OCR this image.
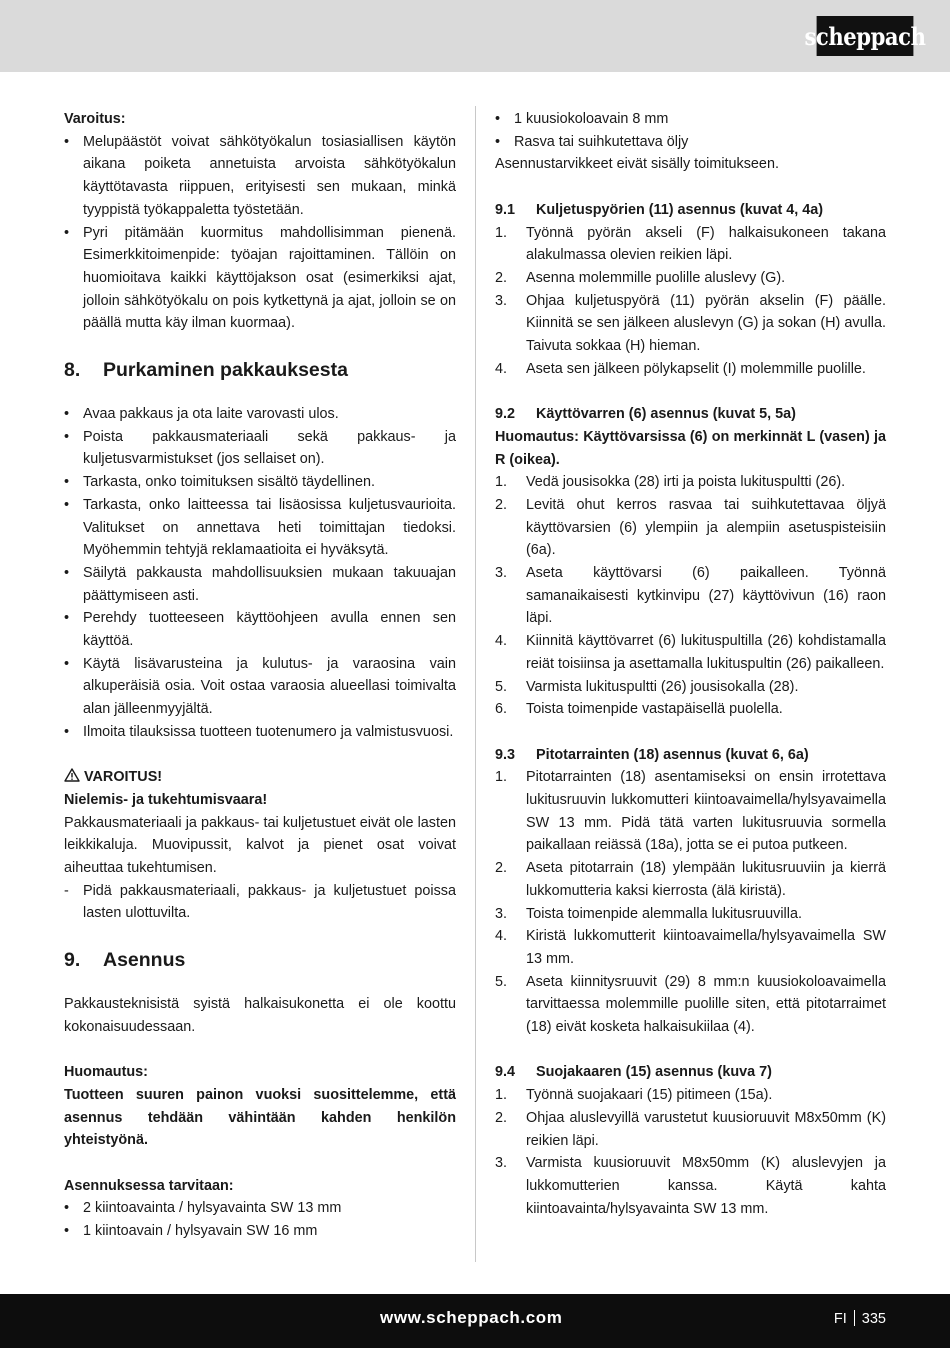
scheppach

Varoitus:

• Melupäästöt voivat sähkötyökalun tosiasiallisen käytön aikana poiketa annetuista arvoista sähkötyökalun käyttötavasta riippuen, erityisesti sen mukaan, minkä tyyppistä työkappaletta työstetään.
• Pyri pitämään kuormitus mahdollisimman pienenä. Esimerkkitoimenpide: työajan rajoittaminen. Tällöin on huomioitava kaikki käyttöjakson osat (esimerkiksi ajat, jolloin sähkötyökalu on pois kytkettynä ja ajat, jolloin se on päällä mutta käy ilman kuormaa).
8. Purkaminen pakkauksesta
• Avaa pakkaus ja ota laite varovasti ulos.
• Poista pakkausmateriaali sekä pakkaus- ja kuljetusvarmistukset (jos sellaiset on).
• Tarkasta, onko toimituksen sisältö täydellinen.
• Tarkasta, onko laitteessa tai lisäosissa kuljetusvaurioita. Valitukset on annettava heti toimittajan tiedoksi. Myöhemmin tehtyjä reklamaatioita ei hyväksytä.
• Säilytä pakkausta mahdollisuuksien mukaan takuuajan päättymiseen asti.
• Perehdy tuotteeseen käyttöohjeen avulla ennen sen käyttöä.
• Käytä lisävarusteina ja kulutus- ja varaosina vain alkuperäisiä osia. Voit ostaa varaosia alueellasi toimivalta alan jälleenmyyjältä.
• Ilmoita tilauksissa tuotteen tuotenumero ja valmistusvuosi.

VAROITUS!

Nielemis- ja tukehtumisvaara!

Pakkausmateriaali ja pakkaus- tai kuljetustuet eivät ole lasten leikkikaluja. Muovipussit, kalvot ja pienet osat voivat aiheuttaa tukehtumisen.

- Pidä pakkausmateriaali, pakkaus- ja kuljetustuet poissa lasten ulottuvilta.
9. Asennus

Pakkausteknisistä syistä halkaisukonetta ei ole koottu kokonaisuudessaan.

Huomautus:

Tuotteen suuren painon vuoksi suosittelemme, että asennus tehdään vähintään kahden henkilön yhteistyönä.

Asennuksessa tarvitaan:

• 2 kiintoavainta / hylsyavainta SW 13 mm
• 1 kiintoavain / hylsyavain SW 16 mm
• 1 kuusiokoloavain 8 mm
• Rasva tai suihkutettava öljy

Asennustarvikkeet eivät sisälly toimitukseen.

9.1 Kuljetuspyörien (11) asennus (kuvat 4, 4a)

1. Työnnä pyörän akseli (F) halkaisukoneen takana alakulmassa olevien reikien läpi.
2. Asenna molemmille puolille aluslevy (G).
3. Ohjaa kuljetuspyörä (11) pyörän akselin (F) päälle. Kiinnitä se sen jälkeen aluslevyn (G) ja sokan (H) avulla. Taivuta sokkaa (H) hieman.
4. Aseta sen jälkeen pölykapselit (I) molemmille puolille.

9.2 Käyttövarren (6) asennus (kuvat 5, 5a)

Huomautus: Käyttövarsissa (6) on merkinnät L (vasen) ja R (oikea).

1. Vedä jousisokka (28) irti ja poista lukituspultti (26).
2. Levitä ohut kerros rasvaa tai suihkutettavaa öljyä käyttövarsien (6) ylempiin ja alempiin asetuspisteisiin (6a).
3. Aseta käyttövarsi (6) paikalleen. Työnnä samanaikaisesti kytkinvipu (27) käyttövivun (16) raon läpi.
4. Kiinnitä käyttövarret (6) lukituspultilla (26) kohdistamalla reiät toisiinsa ja asettamalla lukituspultin (26) paikalleen.
5. Varmista lukituspultti (26) jousisokalla (28).
6. Toista toimenpide vastapäisellä puolella.

9.3 Pitotarrainten (18) asennus (kuvat 6, 6a)

1. Pitotarrainten (18) asentamiseksi on ensin irrotettava lukitusruuvin lukkomutteri kiintoavaimella/hylsyavaimella SW 13 mm. Pidä tätä varten lukitusruuvia sormella paikallaan reiässä (18a), jotta se ei putoa putkeen.
2. Aseta pitotarrain (18) ylempään lukitusruuviin ja kierrä lukkomutteria kaksi kierrosta (älä kiristä).
3. Toista toimenpide alemmalla lukitusruuvilla.
4. Kiristä lukkomutterit kiintoavaimella/hylsyavaimella SW 13 mm.
5. Aseta kiinnitysruuvit (29) 8 mm:n kuusiokoloavaimella tarvittaessa molemmille puolille siten, että pitotarraimet (18) eivät kosketa halkaisukiilaa (4).

9.4 Suojakaaren (15) asennus (kuva 7)

1. Työnnä suojakaari (15) pitimeen (15a).
2. Ohjaa aluslevyillä varustetut kuusioruuvit M8x50mm (K) reikien läpi.
3. Varmista kuusioruuvit M8x50mm (K) aluslevyjen ja lukkomutterien kanssa. Käytä kahta kiintoavainta/hylsyavainta SW 13 mm.
www.scheppach.com	FI 335
